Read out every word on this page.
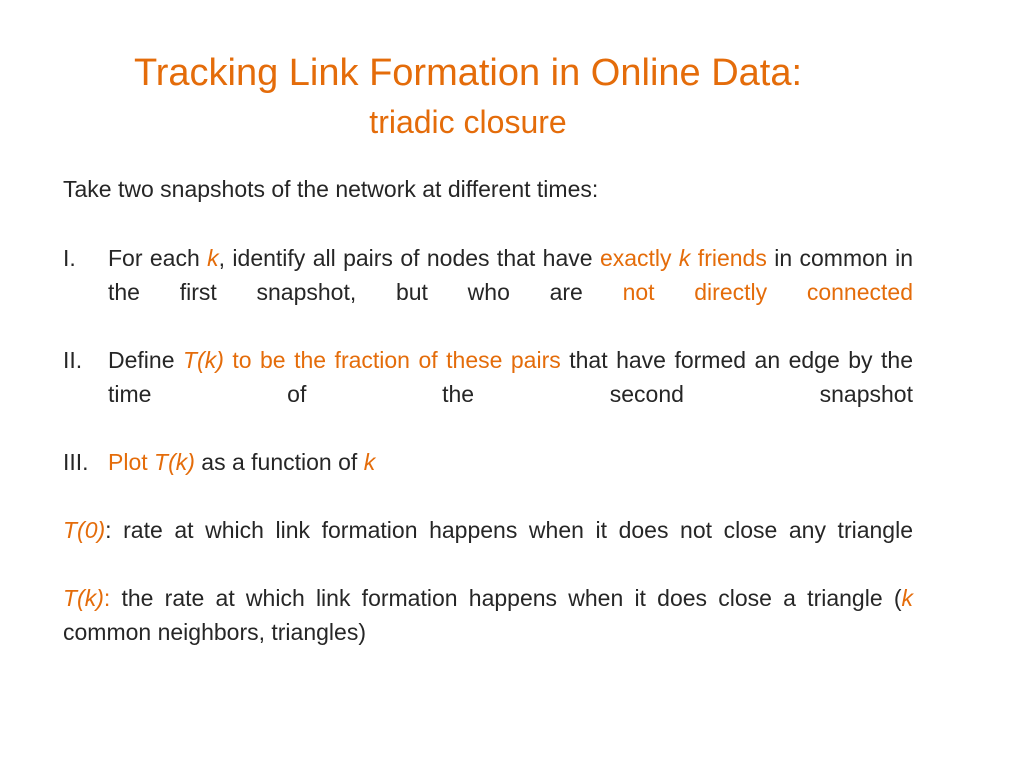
Tracking Link Formation in Online Data:
triadic closure
Take two snapshots of the network at different times:
I. For each k, identify all pairs of nodes that have exactly k friends in common in the first snapshot, but who are not directly connected
II. Define T(k) to be the fraction of these pairs that have formed an edge by the time of the second snapshot
III. Plot T(k) as a function of k
T(0): rate at which link formation happens when it does not close any triangle
T(k): the rate at which link formation happens when it does close a triangle (k common neighbors, triangles)
